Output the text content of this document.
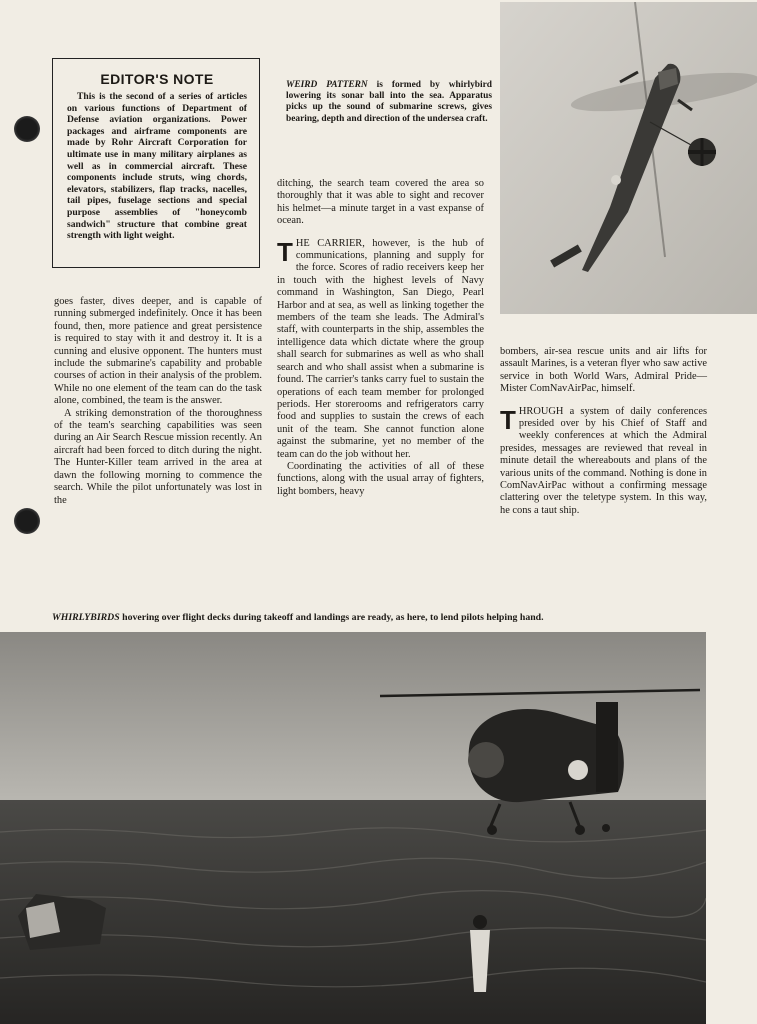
EDITOR'S NOTE

This is the second of a series of articles on various functions of Department of Defense aviation organizations. Power packages and airframe components are made by Rohr Aircraft Corporation for ultimate use in many military airplanes as well as in commercial aircraft. These components include struts, wing chords, elevators, stabilizers, flap tracks, nacelles, tail pipes, fuselage sections and special purpose assemblies of "honeycomb sandwich" structure that combine great strength with light weight.

WEIRD PATTERN is formed by whirlybird lowering its sonar ball into the sea. Apparatus picks up the sound of submarine screws, gives bearing, depth and direction of the undersea craft.

goes faster, dives deeper, and is capable of running submerged indefinitely. Once it has been found, then, more patience and great persistence is required to stay with it and destroy it. It is a cunning and elusive opponent. The hunters must include the submarine's capability and probable courses of action in their analysis of the problem. While no one element of the team can do the task alone, combined, the team is the answer.

A striking demonstration of the thoroughness of the team's searching capabilities was seen during an Air Search Rescue mission recently. An aircraft had been forced to ditch during the night. The Hunter-Killer team arrived in the area at dawn the following morning to commence the search. While the pilot unfortunately was lost in the

ditching, the search team covered the area so thoroughly that it was able to sight and recover his helmet—a minute target in a vast expanse of ocean.

THE CARRIER, however, is the hub of communications, planning and supply for the force. Scores of radio receivers keep her in touch with the highest levels of Navy command in Washington, San Diego, Pearl Harbor and at sea, as well as linking together the members of the team she leads. The Admiral's staff, with counterparts in the ship, assembles the intelligence data which dictate where the group shall search for submarines as well as who shall search and who shall assist when a submarine is found. The carrier's tanks carry fuel to sustain the operations of each team member for prolonged periods. Her storerooms and refrigerators carry food and supplies to sustain the crews of each unit of the team. She cannot function alone against the submarine, yet no member of the team can do the job without her.

Coordinating the activities of all of these functions, along with the usual array of fighters, light bombers, heavy

bombers, air-sea rescue units and air lifts for assault Marines, is a veteran flyer who saw active service in both World Wars, Admiral Pride—Mister ComNavAirPac, himself.

THROUGH a system of daily conferences presided over by his Chief of Staff and weekly conferences at which the Admiral presides, messages are reviewed that reveal in minute detail the whereabouts and plans of the various units of the command. Nothing is done in ComNavAirPac without a confirming message clattering over the teletype system. In this way, he cons a taut ship.

WHIRLYBIRDS hovering over flight decks during takeoff and landings are ready, as here, to lend pilots helping hand.
